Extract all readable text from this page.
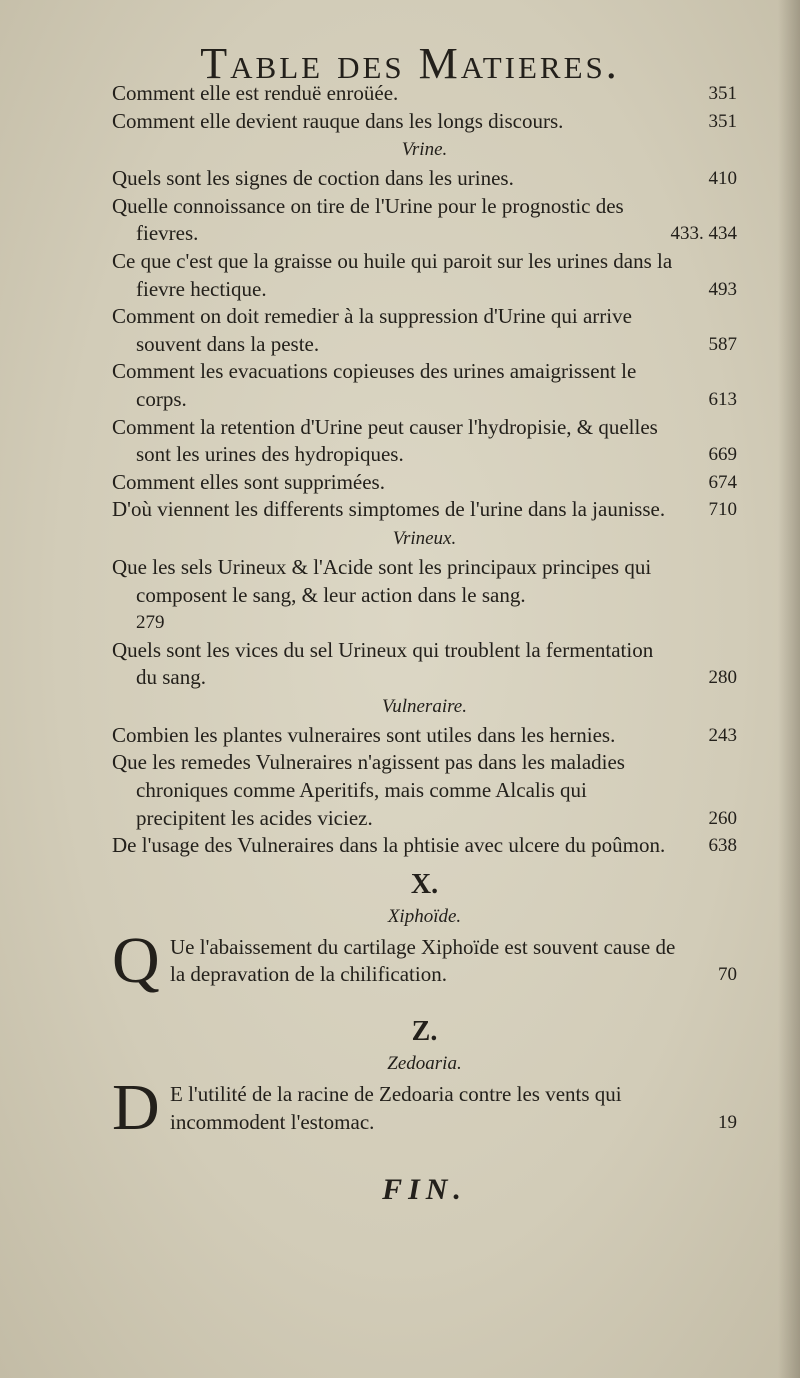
Table des Matieres.
Comment elle est renduë enroüée.	351
Comment elle devient rauque dans les longs discours.	351
Vrine.
Quels sont les signes de coction dans les urines.	410
Quelle connoissance on tire de l'Urine pour le prognostic des fievres.	433. 434
Ce que c'est que la graisse ou huile qui paroit sur les urines dans la fievre hectique.	493
Comment on doit remedier à la suppression d'Urine qui arrive souvent dans la peste.	587
Comment les evacuations copieuses des urines amaigrissent le corps.	613
Comment la retention d'Urine peut causer l'hydropisie, & quelles sont les urines des hydropiques.	669
Comment elles sont supprimées.	674
D'où viennent les differents simptomes de l'urine dans la jaunisse.	710
Vrineux.
Que les sels Urineux & l'Acide sont les principaux principes qui composent le sang, & leur action dans le sang.
279
Quels sont les vices du sel Urineux qui troublent la fermentation du sang.	280
Vulneraire.
Combien les plantes vulneraires sont utiles dans les hernies.	243
Que les remedes Vulneraires n'agissent pas dans les maladies chroniques comme Aperitifs, mais comme Alcalis qui precipitent les acides viciez.	260
De l'usage des Vulneraires dans la phtisie avec ulcere du poûmon.	638
X.
Xiphoïde.
Q Ue l'abaissement du cartilage Xiphoïde est souvent cause de la depravation de la chilification.	70
Z.
Zedoaria.
D E l'utilité de la racine de Zedoaria contre les vents qui incommodent l'estomac.	19
FIN.
